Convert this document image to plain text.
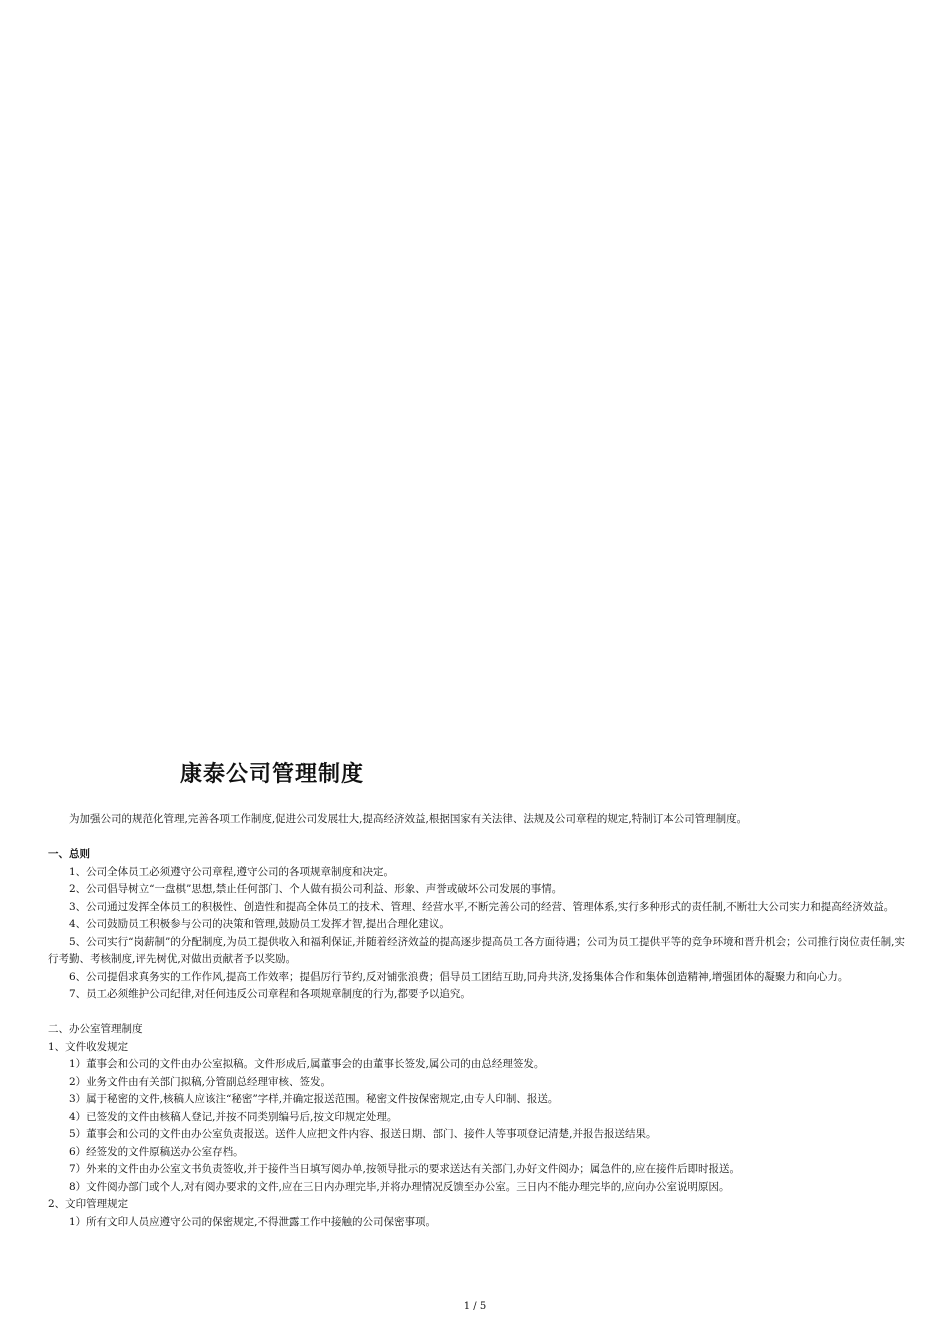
康泰公司管理制度

为加强公司的规范化管理,完善各项工作制度,促进公司发展壮大,提高经济效益,根据国家有关法律、法规及公司章程的规定,特制订本公司管理制度。

一、总则

1、公司全体员工必须遵守公司章程,遵守公司的各项规章制度和决定。

2、公司倡导树立“一盘棋”思想,禁止任何部门、个人做有损公司利益、形象、声誉或破坏公司发展的事情。

3、公司通过发挥全体员工的积极性、创造性和提高全体员工的技术、管理、经营水平,不断完善公司的经营、管理体系,实行多种形式的责任制,不断壮大公司实力和提高经济效益。

4、公司鼓励员工积极参与公司的决策和管理,鼓励员工发挥才智,提出合理化建议。

5、公司实行“岗薪制”的分配制度,为员工提供收入和福利保证,并随着经济效益的提高逐步提高员工各方面待遇；公司为员工提供平等的竞争环境和晋升机会；公司推行岗位责任制,实行考勤、考核制度,评先树优,对做出贡献者予以奖励。

6、公司提倡求真务实的工作作风,提高工作效率；提倡厉行节约,反对铺张浪费；倡导员工团结互助,同舟共济,发扬集体合作和集体创造精神,增强团体的凝聚力和向心力。

7、员工必须维护公司纪律,对任何违反公司章程和各项规章制度的行为,都要予以追究。

二、办公室管理制度

1、文件收发规定

1）董事会和公司的文件由办公室拟稿。文件形成后,属董事会的由董事长签发,属公司的由总经理签发。

2）业务文件由有关部门拟稿,分管副总经理审核、签发。

3）属于秘密的文件,核稿人应该注“秘密”字样,并确定报送范围。秘密文件按保密规定,由专人印制、报送。

4）已签发的文件由核稿人登记,并按不同类别编号后,按文印规定处理。

5）董事会和公司的文件由办公室负责报送。送件人应把文件内容、报送日期、部门、接件人等事项登记清楚,并报告报送结果。

6）经签发的文件原稿送办公室存档。

7）外来的文件由办公室文书负责签收,并于接件当日填写阅办单,按领导批示的要求送达有关部门,办好文件阅办；属急件的,应在接件后即时报送。

8）文件阅办部门或个人,对有阅办要求的文件,应在三日内办理完毕,并将办理情况反馈至办公室。三日内不能办理完毕的,应向办公室说明原因。

2、文印管理规定

1）所有文印人员应遵守公司的保密规定,不得泄露工作中接触的公司保密事项。

1 / 5
